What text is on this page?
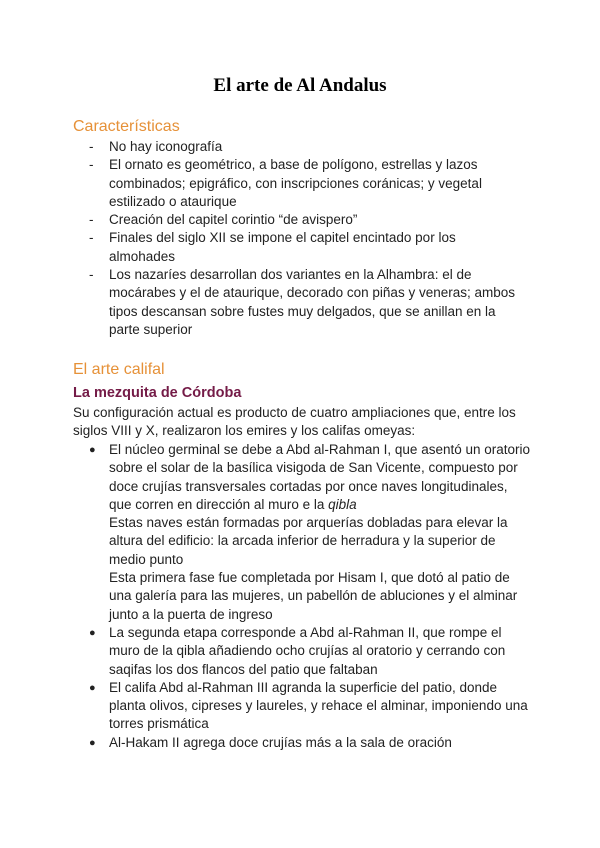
El arte de Al Andalus
Características
- No hay iconografía
- El ornato es geométrico, a base de polígono, estrellas y lazos combinados; epigráfico, con inscripciones coránicas; y vegetal estilizado o ataurique
- Creación del capitel corintio “de avispero”
- Finales del siglo XII se impone el capitel encintado por los almohades
- Los nazaríes desarrollan dos variantes en la Alhambra: el de mocárabes y el de ataurique, decorado con piñas y veneras; ambos tipos descansan sobre fustes muy delgados, que se anillan en la parte superior
El arte califal
La mezquita de Córdoba

Su configuración actual es producto de cuatro ampliaciones que, entre los siglos VIII y X, realizaron los emires y los califas omeyas:

● El núcleo germinal se debe a Abd al-Rahman I, que asentó un oratorio sobre el solar de la basílica visigoda de San Vicente, compuesto por doce crujías transversales cortadas por once naves longitudinales, que corren en dirección al muro e la qibla
Estas naves están formadas por arquerías dobladas para elevar la altura del edificio: la arcada inferior de herradura y la superior de medio punto
Esta primera fase fue completada por Hisam I, que dotó al patio de una galería para las mujeres, un pabellón de abluciones y el alminar junto a la puerta de ingreso
● La segunda etapa corresponde a Abd al-Rahman II, que rompe el muro de la qibla añadiendo ocho crujías al oratorio y cerrando con saqifas los dos flancos del patio que faltaban
● El califa Abd al-Rahman III agranda la superficie del patio, donde planta olivos, cipreses y laureles, y rehace el alminar, imponiendo una torres prismática
● Al-Hakam II agrega doce crujías más a la sala de oración
